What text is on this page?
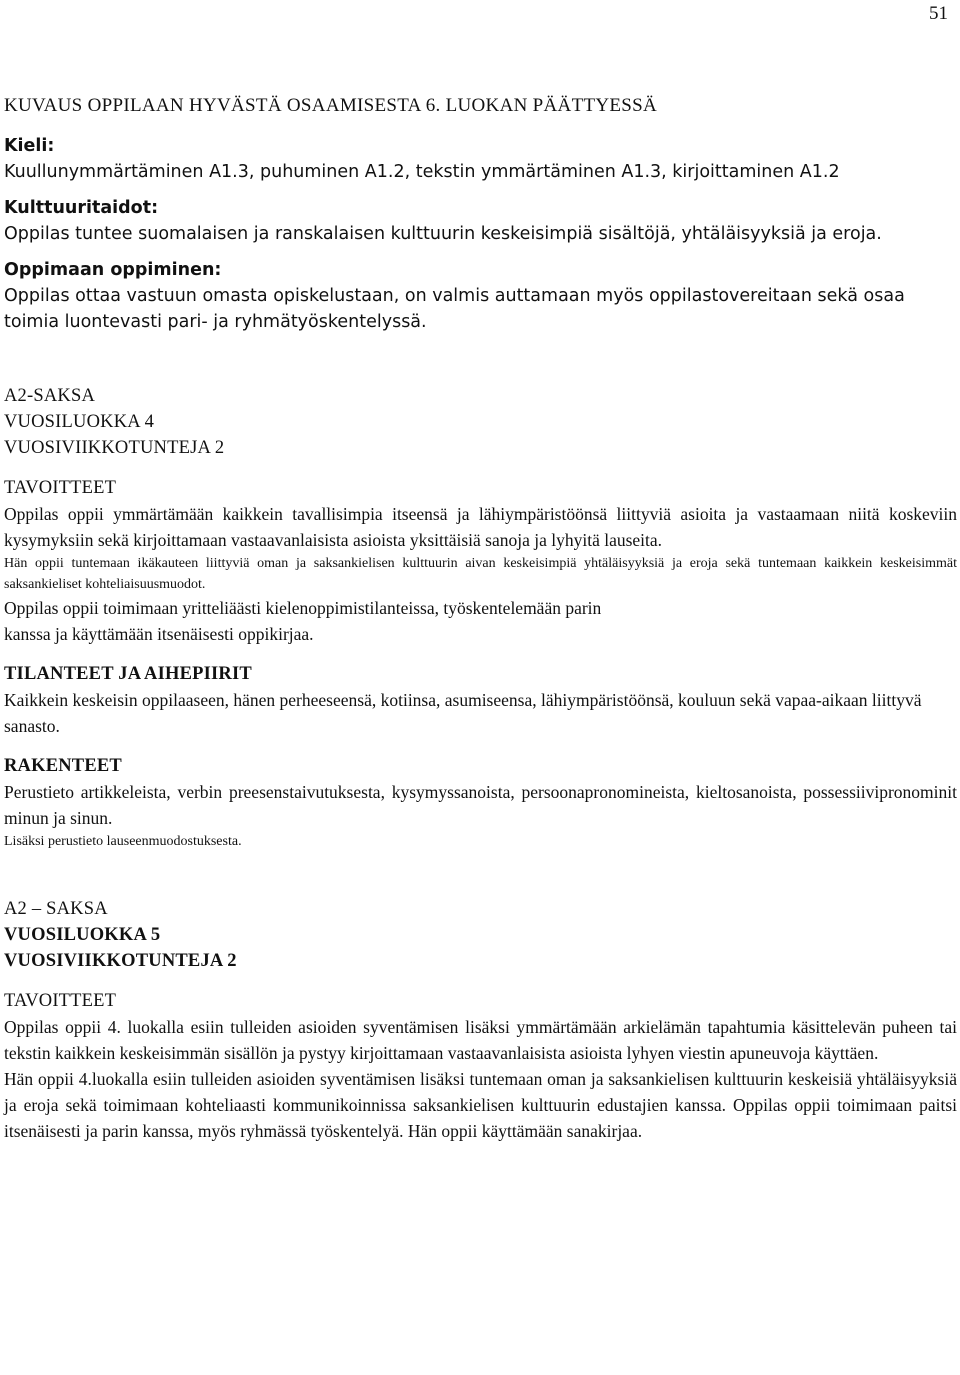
51

KUVAUS OPPILAAN HYVÄSTÄ OSAAMISESTA 6. LUOKAN PÄÄTTYESSÄ

Kieli:

Kuullunymmärtäminen A1.3, puhuminen A1.2, tekstin ymmärtäminen A1.3, kirjoittaminen A1.2

Kulttuuritaidot:

Oppilas tuntee suomalaisen ja ranskalaisen kulttuurin keskeisimpiä sisältöjä, yhtäläisyyksiä ja eroja.

Oppimaan oppiminen:

Oppilas ottaa vastuun omasta opiskelustaan, on valmis auttamaan myös oppilastovereitaan sekä osaa toimia luontevasti pari- ja ryhmätyöskentelyssä.

A2-SAKSA

VUOSILUOKKA 4

VUOSIVIIKKOTUNTEJA 2

TAVOITTEET

Oppilas oppii ymmärtämään kaikkein tavallisimpia itseensä ja lähiympäristöönsä liittyviä asioita ja vastaamaan niitä koskeviin kysymyksiin sekä kirjoittamaan vastaavanlaisista asioista yksittäisiä sanoja ja lyhyitä lauseita.

Hän oppii tuntemaan ikäkauteen liittyviä oman ja saksankielisen kulttuurin aivan keskeisimpiä yhtäläisyyksiä ja eroja sekä tuntemaan kaikkein keskeisimmät saksankieliset kohteliaisuusmuodot.

Oppilas oppii toimimaan yritteliäästi kielenoppimistilanteissa, työskentelemään parin

kanssa ja käyttämään itsenäisesti oppikirjaa.

TILANTEET JA AIHEPIIRIT

Kaikkein keskeisin oppilaaseen, hänen perheeseensä, kotiinsa, asumiseensa, lähiympäristöönsä, kouluun sekä vapaa-aikaan liittyvä sanasto.

RAKENTEET

Perustieto artikkeleista, verbin preesenstaivutuksesta, kysymyssanoista, persoonapronomineista, kieltosanoista, possessiivipronominit minun ja sinun.

Lisäksi perustieto lauseenmuodostuksesta.

A2 – SAKSA

VUOSILUOKKA 5

VUOSIVIIKKOTUNTEJA 2

TAVOITTEET

Oppilas oppii 4. luokalla esiin tulleiden asioiden syventämisen lisäksi ymmärtämään arkielämän tapahtumia käsittelevän puheen tai tekstin kaikkein keskeisimmän sisällön ja pystyy kirjoittamaan vastaavanlaisista asioista lyhyen viestin apuneuvoja käyttäen.

Hän oppii 4.luokalla esiin tulleiden asioiden syventämisen lisäksi tuntemaan oman ja saksankielisen kulttuurin keskeisiä yhtäläisyyksiä ja eroja sekä toimimaan kohteliaasti kommunikoinnissa saksankielisen kulttuurin edustajien kanssa. Oppilas oppii toimimaan paitsi itsenäisesti ja parin kanssa, myös ryhmässä työskentelyä. Hän oppii käyttämään sanakirjaa.
